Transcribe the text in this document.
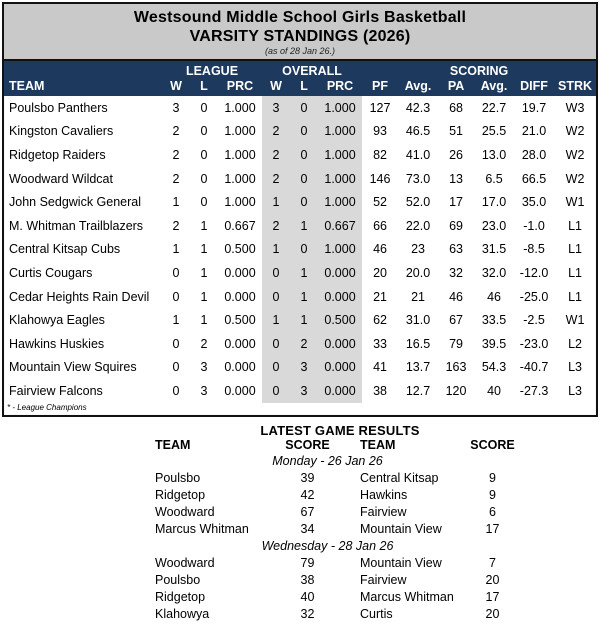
Westsound Middle School Girls Basketball
VARSITY STANDINGS (2026)
(as of 28 Jan 26.)
	LEAGUE			OVERALL			SCORING					
TEAM	W	L	PRC	W	L	PRC	PF	Avg.	PA	Avg.	DIFF	STRK
Poulsbo Panthers	3	0	1.000	3	0	1.000	127	42.3	68	22.7	19.7	W3
Kingston Cavaliers	2	0	1.000	2	0	1.000	93	46.5	51	25.5	21.0	W2
Ridgetop Raiders	2	0	1.000	2	0	1.000	82	41.0	26	13.0	28.0	W2
Woodward Wildcat	2	0	1.000	2	0	1.000	146	73.0	13	6.5	66.5	W2
John Sedgwick General	1	0	1.000	1	0	1.000	52	52.0	17	17.0	35.0	W1
M. Whitman Trailblazers	2	1	0.667	2	1	0.667	66	22.0	69	23.0	-1.0	L1
Central Kitsap Cubs	1	1	0.500	1	0	1.000	46	23	63	31.5	-8.5	L1
Curtis Cougars	0	1	0.000	0	1	0.000	20	20.0	32	32.0	-12.0	L1
Cedar Heights Rain Devil	0	1	0.000	0	1	0.000	21	21	46	46	-25.0	L1
Klahowya Eagles	1	1	0.500	1	1	0.500	62	31.0	67	33.5	-2.5	W1
Hawkins Huskies	0	2	0.000	0	2	0.000	33	16.5	79	39.5	-23.0	L2
Mountain View Squires	0	3	0.000	0	3	0.000	41	13.7	163	54.3	-40.7	L3
Fairview Falcons	0	3	0.000	0	3	0.000	38	12.7	120	40	-27.3	L3
* - League Champions
LATEST GAME RESULTS
TEAM	SCORE	TEAM	SCORE
Monday - 26 Jan 26			
Poulsbo	39	Central Kitsap	9
Ridgetop	42	Hawkins	9
Woodward	67	Fairview	6
Marcus Whitman	34	Mountain View	17
Wednesday - 28 Jan 26			
Woodward	79	Mountain View	7
Poulsbo	38	Fairview	20
Ridgetop	40	Marcus Whitman	17
Klahowya	32	Curtis	20
